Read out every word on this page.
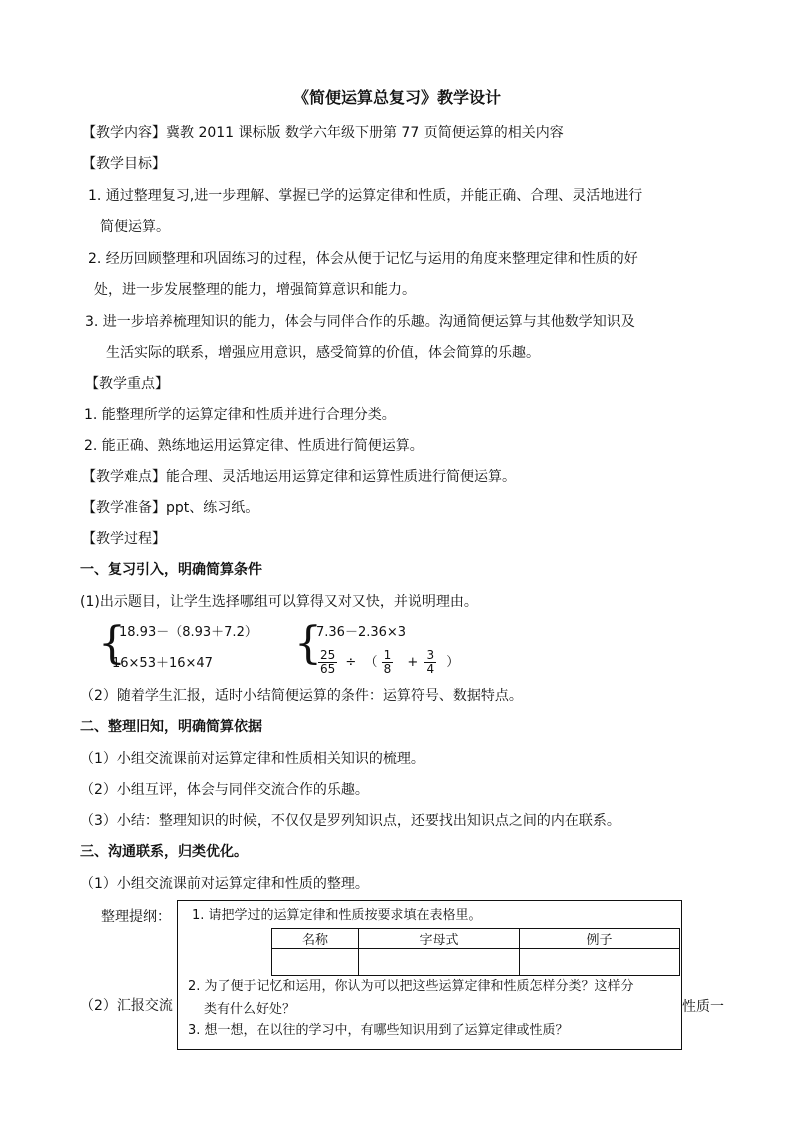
《简便运算总复习》教学设计
【教学内容】冀教 2011 课标版 数学六年级下册第 77 页简便运算的相关内容
【教学目标】
1. 通过整理复习,进一步理解、掌握已学的运算定律和性质，并能正确、合理、灵活地进行
简便运算。
2. 经历回顾整理和巩固练习的过程，体会从便于记忆与运用的角度来整理定律和性质的好
处，进一步发展整理的能力，增强简算意识和能力。
3. 进一步培养梳理知识的能力，体会与同伴合作的乐趣。沟通简便运算与其他数学知识及
生活实际的联系，增强应用意识，感受简算的价值，体会简算的乐趣。
【教学重点】
1. 能整理所学的运算定律和性质并进行合理分类。
2. 能正确、熟练地运用运算定律、性质进行简便运算。
【教学难点】能合理、灵活地运用运算定律和运算性质进行简便运算。
【教学准备】ppt、练习纸。
【教学过程】
一、复习引入，明确简算条件
(1)出示题目，让学生选择哪组可以算得又对又快，并说明理由。
{
18.93－（8.93＋7.2）
16×53＋16×47 {
7.36－2.36×3
$\frac{25}{65}$ ÷ （ $\frac{1}{8} + \frac{3}{4}$ ）
（2）随着学生汇报，适时小结简便运算的条件：运算符号、数据特点。
二、整理旧知，明确简算依据
（1）小组交流课前对运算定律和性质相关知识的梳理。
（2）小组互评，体会与同伴交流合作的乐趣。
（3）小结：整理知识的时候，不仅仅是罗列知识点，还要找出知识点之间的内在联系。
三、沟通联系，归类优化。
（1）小组交流课前对运算定律和性质的整理。
整理提纲：
（2）汇报交流	性质一
1. 请把学过的运算定律和性质按要求填在表格里。
名称	字母式	例子

2. 为了便于记忆和运用，你认为可以把这些运算定律和性质怎样分类？这样分
类有什么好处？
3. 想一想，在以往的学习中，有哪些知识用到了运算定律或性质？
